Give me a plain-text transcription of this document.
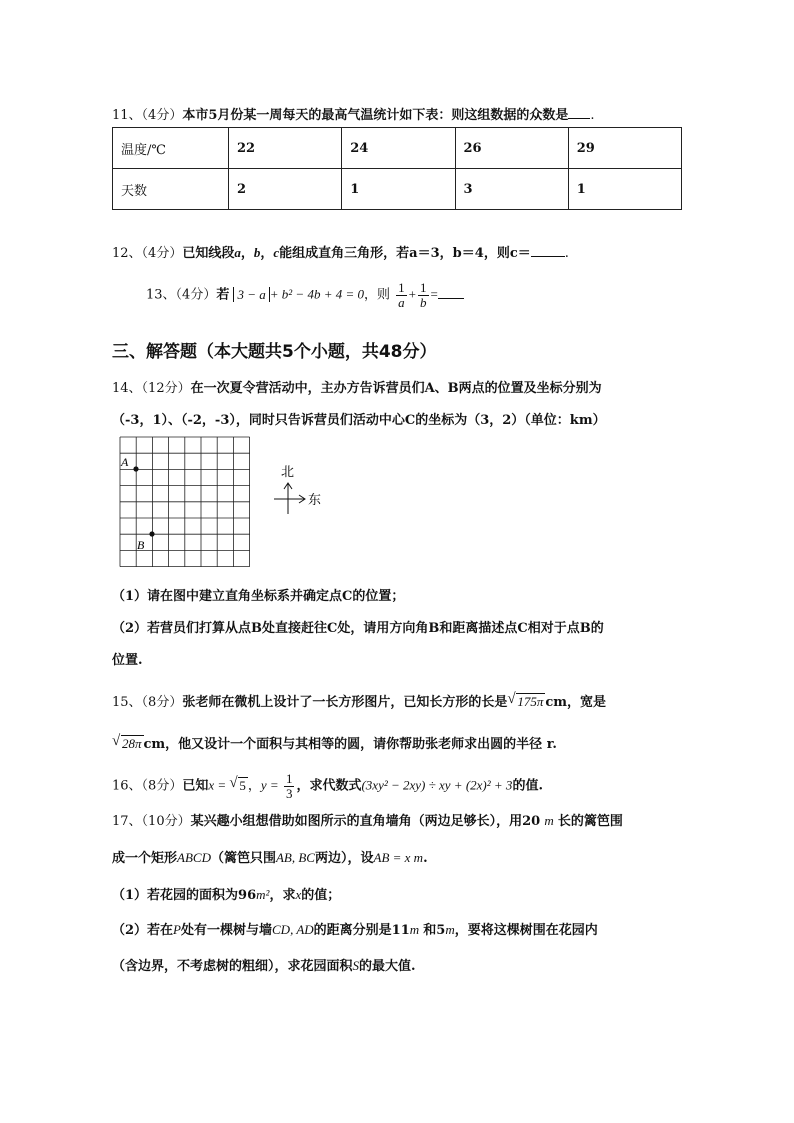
11、（4分）本市5月份某一周每天的最高气温统计如下表：则这组数据的众数是 .
温度/℃	22	24	26	29
天数	2	1	3	1
12、（4分）已知线段a，b，c能组成直角三角形，若a＝3，b＝4，则c＝	.
13、（4分）若 3 − a + b² − 4b + 4 = 0，则 $\frac{1}{a} + \frac{1}{b}$ =
三、解答题（本大题共5个小题，共48分）
14、（12分）在一次夏令营活动中，主办方告诉营员们A、B两点的位置及坐标分别为
（-3，1）、（-2，-3），同时只告诉营员们活动中心C的坐标为（3，2）（单位：km）
A
B
北
东
（1）请在图中建立直角坐标系并确定点C的位置；
（2）若营员们打算从点B处直接赶往C处，请用方向角B和距离描述点C相对于点B的
位置.
15、（8分）张老师在微机上设计了一长方形图片，已知长方形的长是 √ 175π cm，宽是
√ 28π cm，他又设计一个面积与其相等的圆，请你帮助张老师求出圆的半径 r.
16、（8分）已知x = √ 5 ，$y = \frac{1}{3}$ ，求代数式(3xy² − 2xy) ÷ xy + (2x)² + 3的值.
17、（10分）某兴趣小组想借助如图所示的直角墙角（两边足够长），用20 m 长的篱笆围
成一个矩形ABCD（篱笆只围AB, BC两边），设AB = x m.
（1）若花园的面积为96m²，求x的值；
（2）若在P处有一棵树与墙CD, AD的距离分别是11m 和5m，要将这棵树围在花园内
（含边界，不考虑树的粗细），求花园面积S的最大值.
